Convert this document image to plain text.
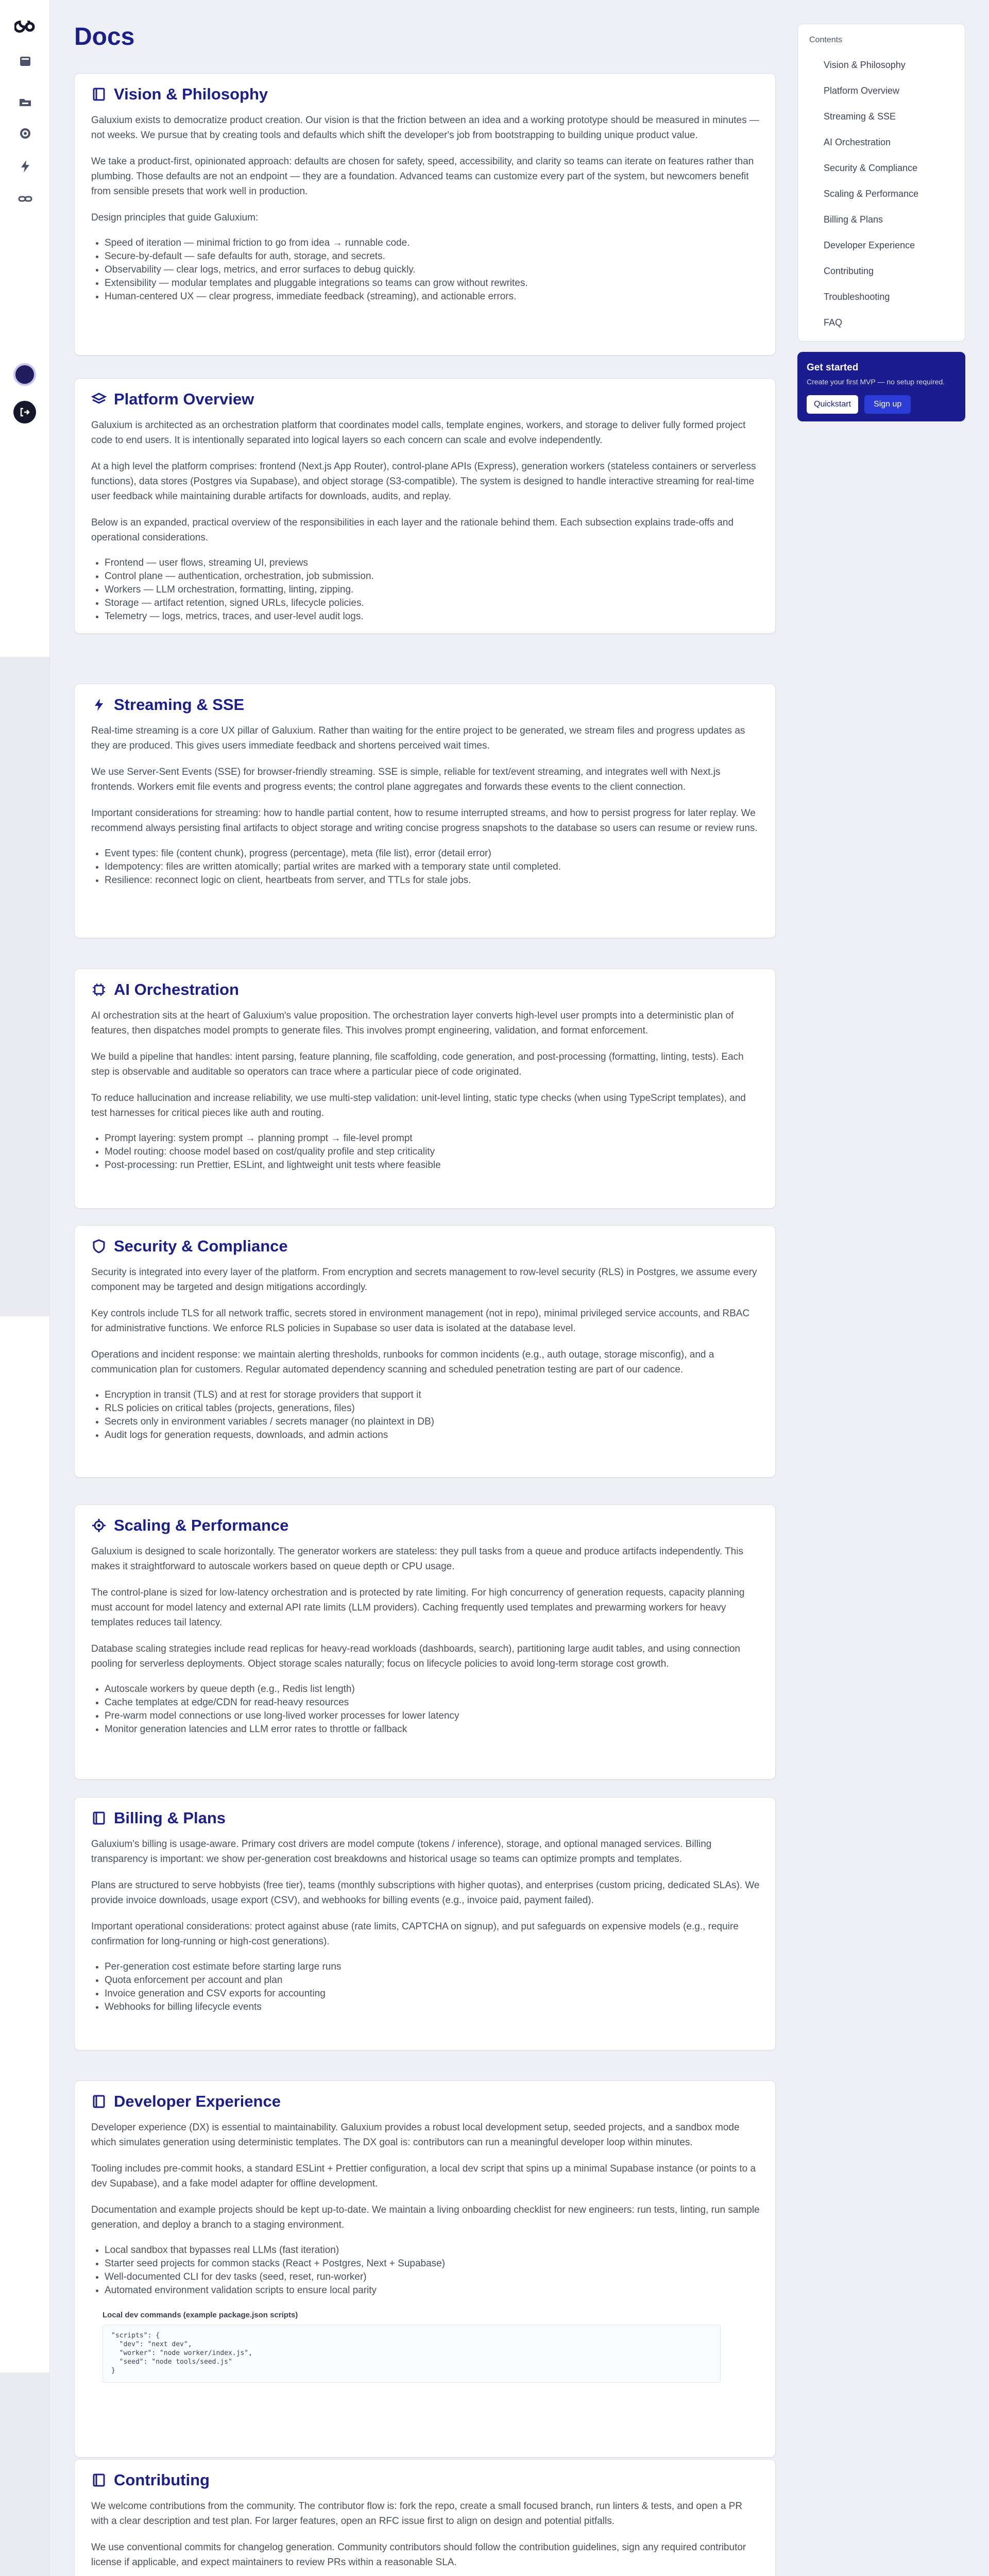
Docs
Vision & Philosophy

Galuxium exists to democratize product creation. Our vision is that the friction between an idea and a working prototype should be measured in minutes — not weeks. We pursue that by creating tools and defaults which shift the developer's job from bootstrapping to building unique product value.

We take a product-first, opinionated approach: defaults are chosen for safety, speed, accessibility, and clarity so teams can iterate on features rather than plumbing. Those defaults are not an endpoint — they are a foundation. Advanced teams can customize every part of the system, but newcomers benefit from sensible presets that work well in production.

Design principles that guide Galuxium:

• Speed of iteration — minimal friction to go from idea → runnable code.
• Secure-by-default — safe defaults for auth, storage, and secrets.
• Observability — clear logs, metrics, and error surfaces to debug quickly.
• Extensibility — modular templates and pluggable integrations so teams can grow without rewrites.
• Human-centered UX — clear progress, immediate feedback (streaming), and actionable errors.
Platform Overview

Galuxium is architected as an orchestration platform that coordinates model calls, template engines, workers, and storage to deliver fully formed project code to end users. It is intentionally separated into logical layers so each concern can scale and evolve independently.

At a high level the platform comprises: frontend (Next.js App Router), control-plane APIs (Express), generation workers (stateless containers or serverless functions), data stores (Postgres via Supabase), and object storage (S3-compatible). The system is designed to handle interactive streaming for real-time user feedback while maintaining durable artifacts for downloads, audits, and replay.

Below is an expanded, practical overview of the responsibilities in each layer and the rationale behind them. Each subsection explains trade-offs and operational considerations.

• Frontend — user flows, streaming UI, previews
• Control plane — authentication, orchestration, job submission.
• Workers — LLM orchestration, formatting, linting, zipping.
• Storage — artifact retention, signed URLs, lifecycle policies.
• Telemetry — logs, metrics, traces, and user-level audit logs.
Streaming & SSE

Real-time streaming is a core UX pillar of Galuxium. Rather than waiting for the entire project to be generated, we stream files and progress updates as they are produced. This gives users immediate feedback and shortens perceived wait times.

We use Server-Sent Events (SSE) for browser-friendly streaming. SSE is simple, reliable for text/event streaming, and integrates well with Next.js frontends. Workers emit file events and progress events; the control plane aggregates and forwards these events to the client connection.

Important considerations for streaming: how to handle partial content, how to resume interrupted streams, and how to persist progress for later replay. We recommend always persisting final artifacts to object storage and writing concise progress snapshots to the database so users can resume or review runs.

• Event types: file (content chunk), progress (percentage), meta (file list), error (detail error)
• Idempotency: files are written atomically; partial writes are marked with a temporary state until completed.
• Resilience: reconnect logic on client, heartbeats from server, and TTLs for stale jobs.
AI Orchestration

AI orchestration sits at the heart of Galuxium's value proposition. The orchestration layer converts high-level user prompts into a deterministic plan of features, then dispatches model prompts to generate files. This involves prompt engineering, validation, and format enforcement.

We build a pipeline that handles: intent parsing, feature planning, file scaffolding, code generation, and post-processing (formatting, linting, tests). Each step is observable and auditable so operators can trace where a particular piece of code originated.

To reduce hallucination and increase reliability, we use multi-step validation: unit-level linting, static type checks (when using TypeScript templates), and test harnesses for critical pieces like auth and routing.

• Prompt layering: system prompt → planning prompt → file-level prompt
• Model routing: choose model based on cost/quality profile and step criticality
• Post-processing: run Prettier, ESLint, and lightweight unit tests where feasible
Security & Compliance

Security is integrated into every layer of the platform. From encryption and secrets management to row-level security (RLS) in Postgres, we assume every component may be targeted and design mitigations accordingly.

Key controls include TLS for all network traffic, secrets stored in environment management (not in repo), minimal privileged service accounts, and RBAC for administrative functions. We enforce RLS policies in Supabase so user data is isolated at the database level.

Operations and incident response: we maintain alerting thresholds, runbooks for common incidents (e.g., auth outage, storage misconfig), and a communication plan for customers. Regular automated dependency scanning and scheduled penetration testing are part of our cadence.

• Encryption in transit (TLS) and at rest for storage providers that support it
• RLS policies on critical tables (projects, generations, files)
• Secrets only in environment variables / secrets manager (no plaintext in DB)
• Audit logs for generation requests, downloads, and admin actions
Scaling & Performance

Galuxium is designed to scale horizontally. The generator workers are stateless: they pull tasks from a queue and produce artifacts independently. This makes it straightforward to autoscale workers based on queue depth or CPU usage.

The control-plane is sized for low-latency orchestration and is protected by rate limiting. For high concurrency of generation requests, capacity planning must account for model latency and external API rate limits (LLM providers). Caching frequently used templates and prewarming workers for heavy templates reduces tail latency.

Database scaling strategies include read replicas for heavy-read workloads (dashboards, search), partitioning large audit tables, and using connection pooling for serverless deployments. Object storage scales naturally; focus on lifecycle policies to avoid long-term storage cost growth.

• Autoscale workers by queue depth (e.g., Redis list length)
• Cache templates at edge/CDN for read-heavy resources
• Pre-warm model connections or use long-lived worker processes for lower latency
• Monitor generation latencies and LLM error rates to throttle or fallback
Billing & Plans

Galuxium's billing is usage-aware. Primary cost drivers are model compute (tokens / inference), storage, and optional managed services. Billing transparency is important: we show per-generation cost breakdowns and historical usage so teams can optimize prompts and templates.

Plans are structured to serve hobbyists (free tier), teams (monthly subscriptions with higher quotas), and enterprises (custom pricing, dedicated SLAs). We provide invoice downloads, usage export (CSV), and webhooks for billing events (e.g., invoice paid, payment failed).

Important operational considerations: protect against abuse (rate limits, CAPTCHA on signup), and put safeguards on expensive models (e.g., require confirmation for long-running or high-cost generations).

• Per-generation cost estimate before starting large runs
• Quota enforcement per account and plan
• Invoice generation and CSV exports for accounting
• Webhooks for billing lifecycle events
Developer Experience

Developer experience (DX) is essential to maintainability. Galuxium provides a robust local development setup, seeded projects, and a sandbox mode which simulates generation using deterministic templates. The DX goal is: contributors can run a meaningful developer loop within minutes.

Tooling includes pre-commit hooks, a standard ESLint + Prettier configuration, a local dev script that spins up a minimal Supabase instance (or points to a dev Supabase), and a fake model adapter for offline development.

Documentation and example projects should be kept up-to-date. We maintain a living onboarding checklist for new engineers: run tests, linting, run sample generation, and deploy a branch to a staging environment.

• Local sandbox that bypasses real LLMs (fast iteration)
• Starter seed projects for common stacks (React + Postgres, Next + Supabase)
• Well-documented CLI for dev tasks (seed, reset, run-worker)
• Automated environment validation scripts to ensure local parity
Local dev commands (example package.json scripts)
"scripts": {
"dev": "next dev",
"worker": "node worker/index.js",
"seed": "node tools/seed.js"
}
Contributing

We welcome contributions from the community. The contributor flow is: fork the repo, create a small focused branch, run linters & tests, and open a PR with a clear description and test plan. For larger features, open an RFC issue first to align on design and potential pitfalls.

We use conventional commits for changelog generation. Community contributors should follow the contribution guidelines, sign any required contributor license if applicable, and expect maintainers to review PRs within a reasonable SLA.

Contents
Vision & Philosophy
Platform Overview
Streaming & SSE
AI Orchestration
Security & Compliance
Scaling & Performance
Billing & Plans
Developer Experience
Contributing
Troubleshooting
FAQ
Get started
Create your first MVP — no setup required.
Quickstart	Sign up
